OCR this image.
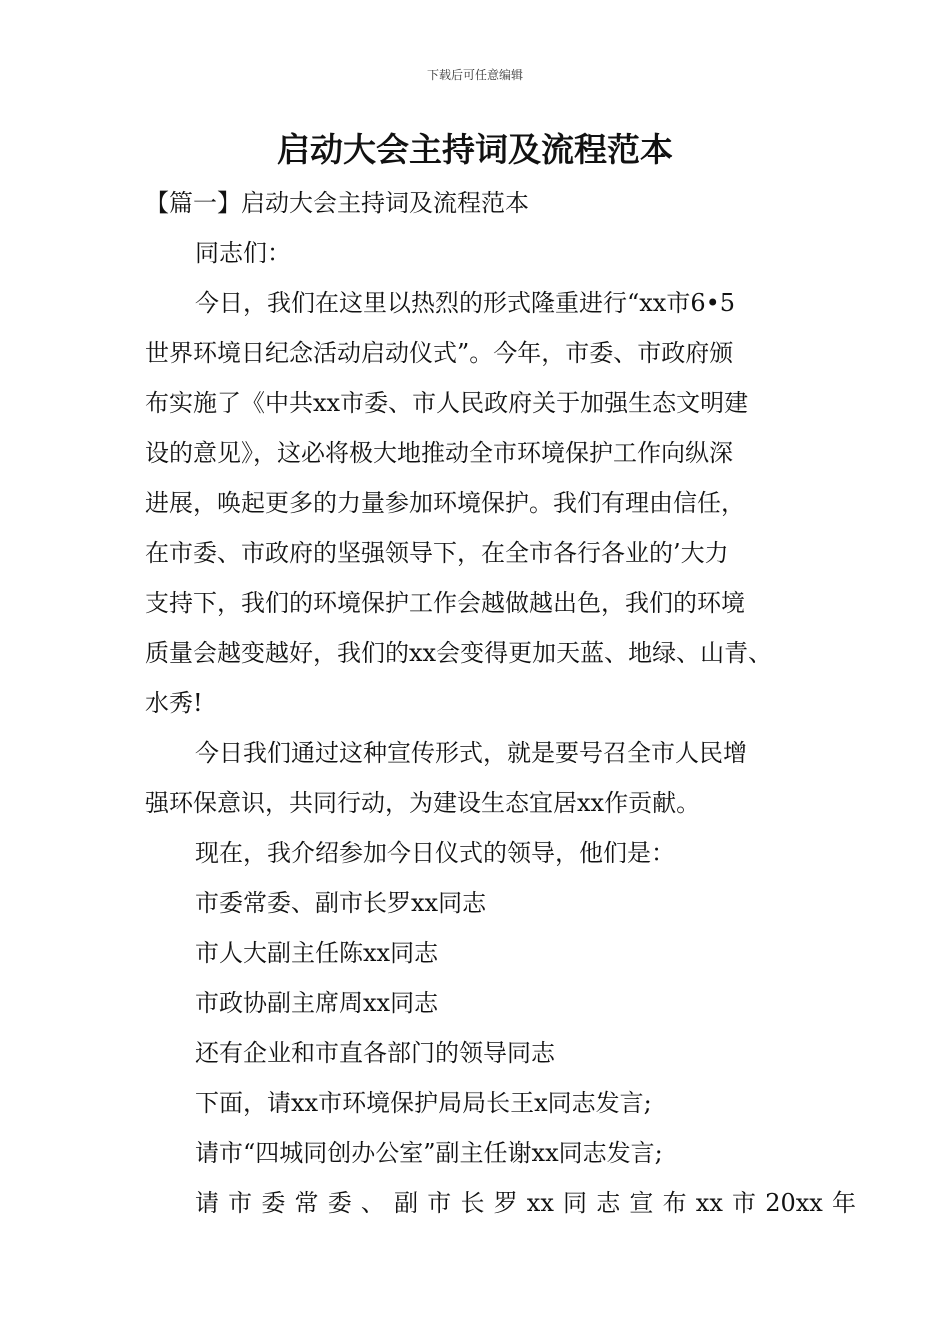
下载后可任意编辑
启动大会主持词及流程范本

【篇一】启动大会主持词及流程范本

同志们：

今日，我们在这里以热烈的形式隆重进行“xx市6•5

世界环境日纪念活动启动仪式”。今年，市委、市政府颁

布实施了《中共xx市委、市人民政府关于加强生态文明建

设的意见》，这必将极大地推动全市环境保护工作向纵深

进展，唤起更多的力量参加环境保护。我们有理由信任，

在市委、市政府的坚强领导下，在全市各行各业的’大力

支持下，我们的环境保护工作会越做越出色，我们的环境

质量会越变越好，我们的xx会变得更加天蓝、地绿、山青、

水秀!

今日我们通过这种宣传形式，就是要号召全市人民增

强环保意识，共同行动，为建设生态宜居xx作贡献。

现在，我介绍参加今日仪式的领导，他们是：

市委常委、副市长罗xx同志

市人大副主任陈xx同志

市政协副主席周xx同志

还有企业和市直各部门的领导同志

下面，请xx市环境保护局局长王x同志发言;

请市“四城同创办公室”副主任谢xx同志发言;

请市委常委、副市长罗xx同志宣布xx市20xx年
